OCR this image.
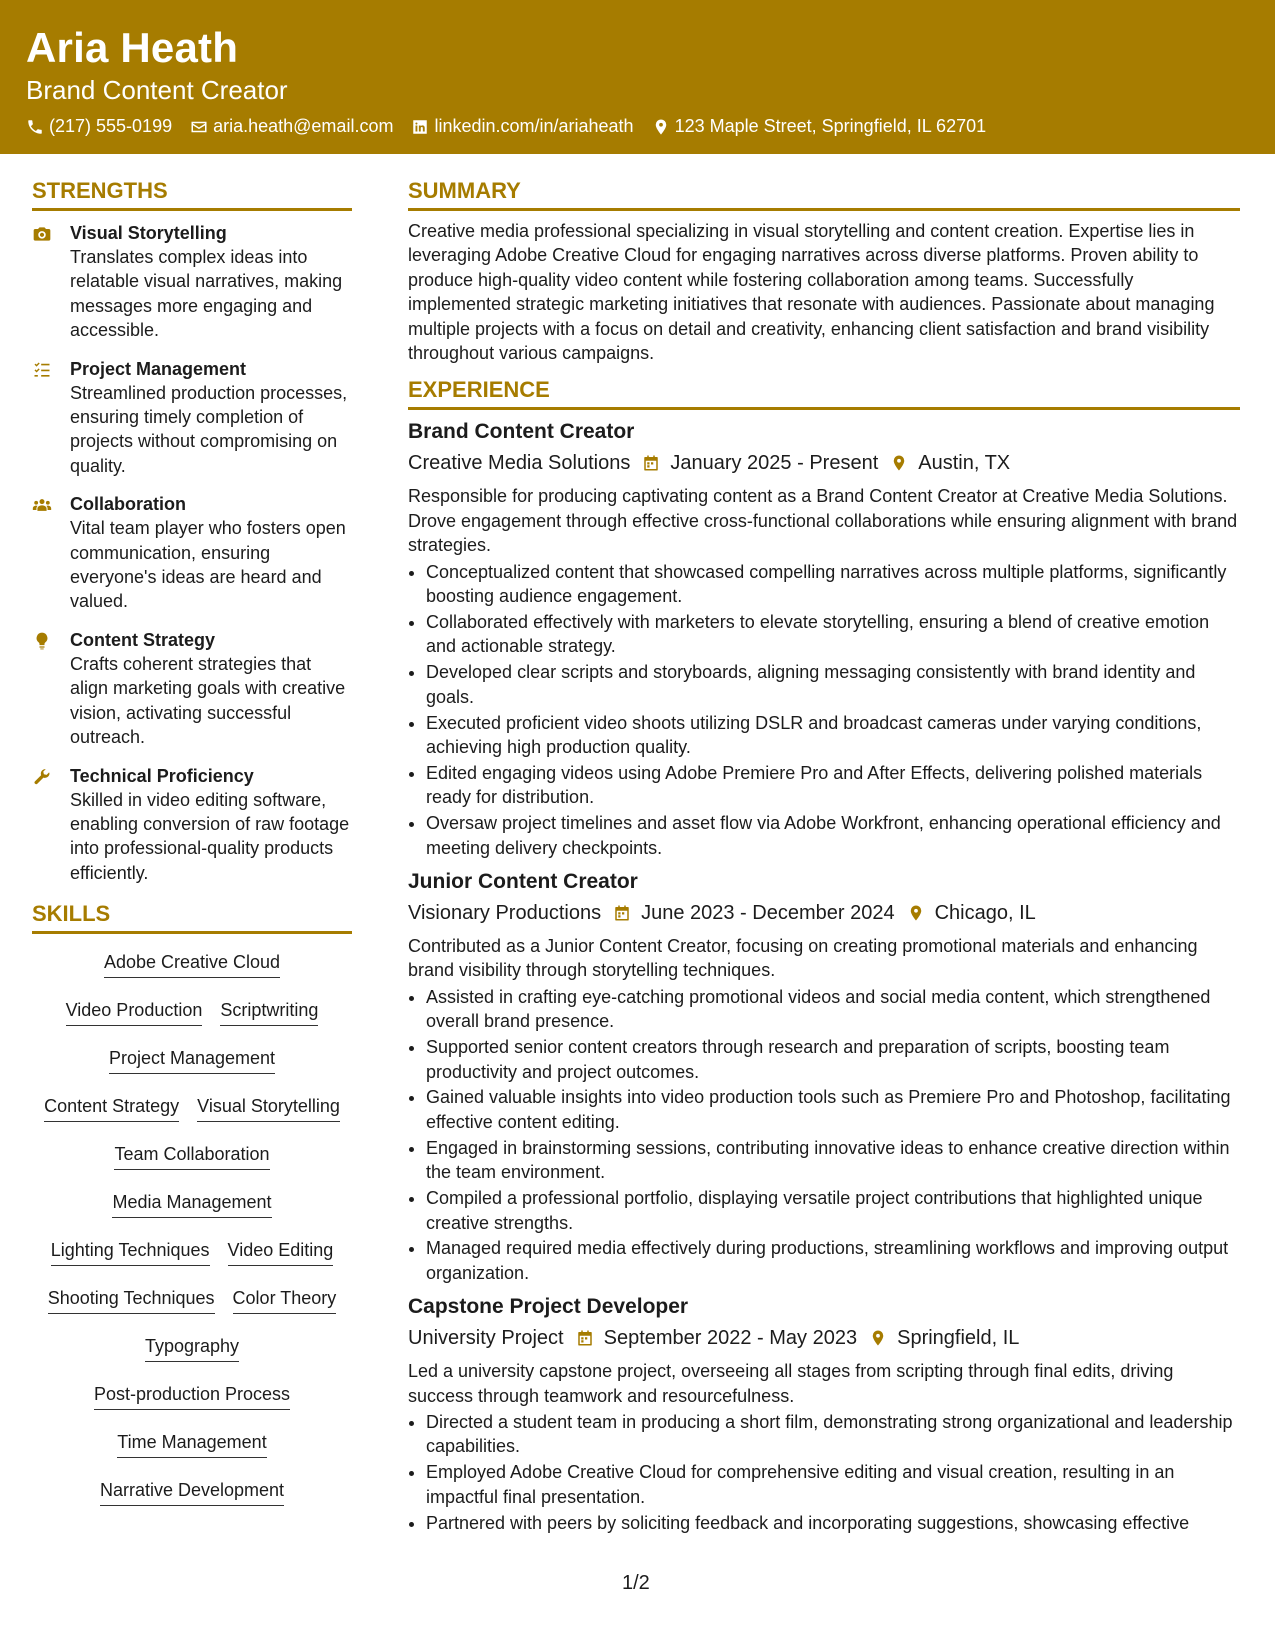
Aria Heath
Brand Content Creator
(217) 555-0199 aria.heath@email.com linkedin.com/in/ariaheath 123 Maple Street, Springfield, IL 62701
STRENGTHS
Visual Storytelling
Translates complex ideas into relatable visual narratives, making messages more engaging and accessible.
Project Management
Streamlined production processes, ensuring timely completion of projects without compromising on quality.
Collaboration
Vital team player who fosters open communication, ensuring everyone's ideas are heard and valued.
Content Strategy
Crafts coherent strategies that align marketing goals with creative vision, activating successful outreach.
Technical Proficiency
Skilled in video editing software, enabling conversion of raw footage into professional-quality products efficiently.
SKILLS
Adobe Creative Cloud
Video Production Scriptwriting
Project Management
Content Strategy Visual Storytelling
Team Collaboration
Media Management
Lighting Techniques Video Editing
Shooting Techniques Color Theory
Typography
Post-production Process
Time Management
Narrative Development
SUMMARY
Creative media professional specializing in visual storytelling and content creation. Expertise lies in leveraging Adobe Creative Cloud for engaging narratives across diverse platforms. Proven ability to produce high-quality video content while fostering collaboration among teams. Successfully implemented strategic marketing initiatives that resonate with audiences. Passionate about managing multiple projects with a focus on detail and creativity, enhancing client satisfaction and brand visibility throughout various campaigns.
EXPERIENCE
Brand Content Creator
Creative Media Solutions January 2025 - Present Austin, TX
Responsible for producing captivating content as a Brand Content Creator at Creative Media Solutions. Drove engagement through effective cross-functional collaborations while ensuring alignment with brand strategies.
• Conceptualized content that showcased compelling narratives across multiple platforms, significantly boosting audience engagement.
• Collaborated effectively with marketers to elevate storytelling, ensuring a blend of creative emotion and actionable strategy.
• Developed clear scripts and storyboards, aligning messaging consistently with brand identity and goals.
• Executed proficient video shoots utilizing DSLR and broadcast cameras under varying conditions, achieving high production quality.
• Edited engaging videos using Adobe Premiere Pro and After Effects, delivering polished materials ready for distribution.
• Oversaw project timelines and asset flow via Adobe Workfront, enhancing operational efficiency and meeting delivery checkpoints.
Junior Content Creator
Visionary Productions June 2023 - December 2024 Chicago, IL
Contributed as a Junior Content Creator, focusing on creating promotional materials and enhancing brand visibility through storytelling techniques.
• Assisted in crafting eye-catching promotional videos and social media content, which strengthened overall brand presence.
• Supported senior content creators through research and preparation of scripts, boosting team productivity and project outcomes.
• Gained valuable insights into video production tools such as Premiere Pro and Photoshop, facilitating effective content editing.
• Engaged in brainstorming sessions, contributing innovative ideas to enhance creative direction within the team environment.
• Compiled a professional portfolio, displaying versatile project contributions that highlighted unique creative strengths.
• Managed required media effectively during productions, streamlining workflows and improving output organization.
Capstone Project Developer
University Project September 2022 - May 2023 Springfield, IL
Led a university capstone project, overseeing all stages from scripting through final edits, driving success through teamwork and resourcefulness.
• Directed a student team in producing a short film, demonstrating strong organizational and leadership capabilities.
• Employed Adobe Creative Cloud for comprehensive editing and visual creation, resulting in an impactful final presentation.
• Partnered with peers by soliciting feedback and incorporating suggestions, showcasing effective
1/2
